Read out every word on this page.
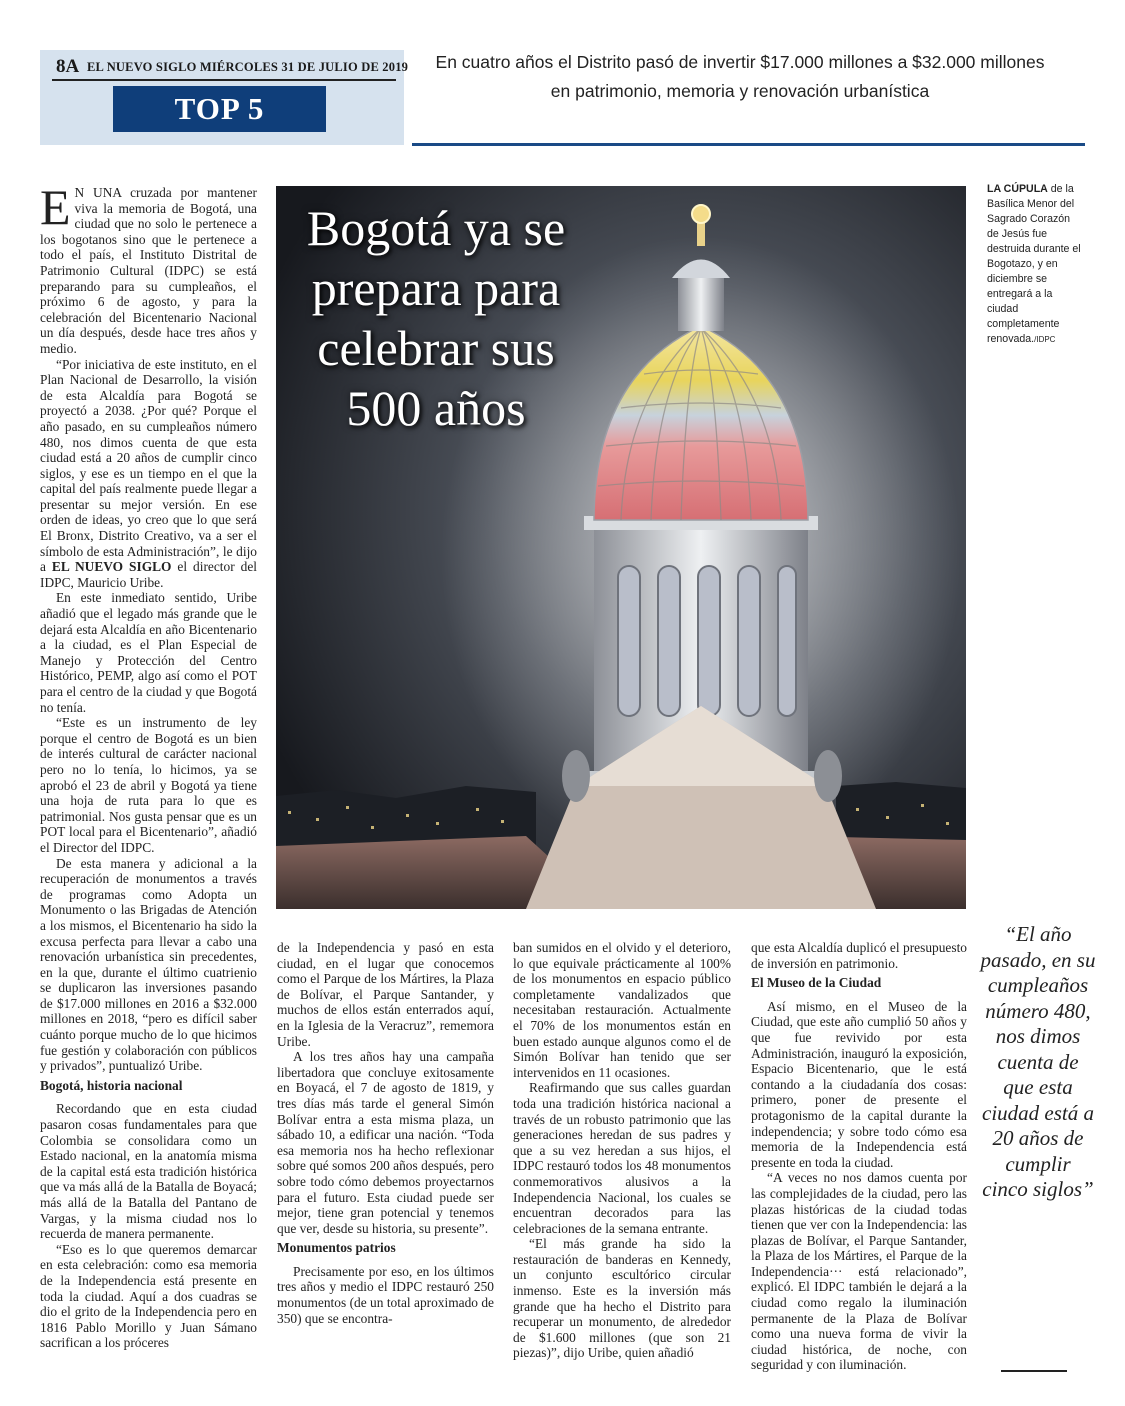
8A EL NUEVO SIGLO MIÉRCOLES 31 DE JULIO DE 2019
TOP 5
En cuatro años el Distrito pasó de invertir $17.000 millones a $32.000 millones en patrimonio, memoria y renovación urbanística
Bogotá ya se prepara para celebrar sus 500 años
LA CÚPULA de la Basílica Menor del Sagrado Corazón de Jesús fue destruida durante el Bogotazo, y en diciembre se entregará a la ciudad completamente renovada./IDPC

E N UNA cruzada por mantener viva la memoria de Bogotá, una ciudad que no solo le pertenece a los bogotanos sino que le pertenece a todo el país, el Instituto Distrital de Patrimonio Cultural (IDPC) se está preparando para su cumpleaños, el próximo 6 de agosto, y para la celebración del Bicentenario Nacional un día después, desde hace tres años y medio.

“Por iniciativa de este instituto, en el Plan Nacional de Desarrollo, la visión de esta Alcaldía para Bogotá se proyectó a 2038. ¿Por qué? Porque el año pasado, en su cumpleaños número 480, nos dimos cuenta de que esta ciudad está a 20 años de cumplir cinco siglos, y ese es un tiempo en el que la capital del país realmente puede llegar a presentar su mejor versión. En ese orden de ideas, yo creo que lo que será El Bronx, Distrito Creativo, va a ser el símbolo de esta Administración”, le dijo a EL NUEVO SIGLO el director del IDPC, Mauricio Uribe.

En este inmediato sentido, Uribe añadió que el legado más grande que le dejará esta Alcaldía en año Bicentenario a la ciudad, es el Plan Especial de Manejo y Protección del Centro Histórico, PEMP, algo así como el POT para el centro de la ciudad y que Bogotá no tenía.

“Este es un instrumento de ley porque el centro de Bogotá es un bien de interés cultural de carácter nacional pero no lo tenía, lo hicimos, ya se aprobó el 23 de abril y Bogotá ya tiene una hoja de ruta para lo que es patrimonial. Nos gusta pensar que es un POT local para el Bicentenario”, añadió el Director del IDPC.

De esta manera y adicional a la recuperación de monumentos a través de programas como Adopta un Monumento o las Brigadas de Atención a los mismos, el Bicentenario ha sido la excusa perfecta para llevar a cabo una renovación urbanística sin precedentes, en la que, durante el último cuatrienio se duplicaron las inversiones pasando de $17.000 millones en 2016 a $32.000 millones en 2018, “pero es difícil saber cuánto porque mucho de lo que hicimos fue gestión y colaboración con públicos y privados”, puntualizó Uribe.

Bogotá, historia nacional

Recordando que en esta ciudad pasaron cosas fundamentales para que Colombia se consolidara como un Estado nacional, en la anatomía misma de la capital está esta tradición histórica que va más allá de la Batalla de Boyacá; más allá de la Batalla del Pantano de Vargas, y la misma ciudad nos lo recuerda de manera permanente.

“Eso es lo que queremos demarcar en esta celebración: como esa memoria de la Independencia está presente en toda la ciudad. Aquí a dos cuadras se dio el grito de la Independencia pero en 1816 Pablo Morillo y Juan Sámano sacrifican a los próceres

de la Independencia y pasó en esta ciudad, en el lugar que conocemos como el Parque de los Mártires, la Plaza de Bolívar, el Parque Santander, y muchos de ellos están enterrados aquí, en la Iglesia de la Veracruz”, rememora Uribe.

A los tres años hay una campaña libertadora que concluye exitosamente en Boyacá, el 7 de agosto de 1819, y tres días más tarde el general Simón Bolívar entra a esta misma plaza, un sábado 10, a edificar una nación. “Toda esa memoria nos ha hecho reflexionar sobre qué somos 200 años después, pero sobre todo cómo debemos proyectarnos para el futuro. Esta ciudad puede ser mejor, tiene gran potencial y tenemos que ver, desde su historia, su presente”.

Monumentos patrios

Precisamente por eso, en los últimos tres años y medio el IDPC restauró 250 monumentos (de un total aproximado de 350) que se encontra-

ban sumidos en el olvido y el deterioro, lo que equivale prácticamente al 100% de los monumentos en espacio público completamente vandalizados que necesitaban restauración. Actualmente el 70% de los monumentos están en buen estado aunque algunos como el de Simón Bolívar han tenido que ser intervenidos en 11 ocasiones.

Reafirmando que sus calles guardan toda una tradición histórica nacional a través de un robusto patrimonio que las generaciones heredan de sus padres y que a su vez heredan a sus hijos, el IDPC restauró todos los 48 monumentos conmemorativos alusivos a la Independencia Nacional, los cuales se encuentran decorados para las celebraciones de la semana entrante.

“El más grande ha sido la restauración de banderas en Kennedy, un conjunto escultórico circular inmenso. Este es la inversión más grande que ha hecho el Distrito para recuperar un monumento, de alrededor de $1.600 millones (que son 21 piezas)”, dijo Uribe, quien añadió

que esta Alcaldía duplicó el presupuesto de inversión en patrimonio.

El Museo de la Ciudad

Así mismo, en el Museo de la Ciudad, que este año cumplió 50 años y que fue revivido por esta Administración, inauguró la exposición, Espacio Bicentenario, que le está contando a la ciudadanía dos cosas: primero, poner de presente el protagonismo de la capital durante la independencia; y sobre todo cómo esa memoria de la Independencia está presente en toda la ciudad.

“A veces no nos damos cuenta por las complejidades de la ciudad, pero las plazas históricas de la ciudad todas tienen que ver con la Independencia: las plazas de Bolívar, el Parque Santander, la Plaza de los Mártires, el Parque de la Independencia··· está relacionado”, explicó. El IDPC también le dejará a la ciudad como regalo la iluminación permanente de la Plaza de Bolívar como una nueva forma de vivir la ciudad histórica, de noche, con seguridad y con iluminación.

“El año pasado, en su cumpleaños número 480, nos dimos cuenta de que esta ciudad está a 20 años de cumplir cinco siglos”
